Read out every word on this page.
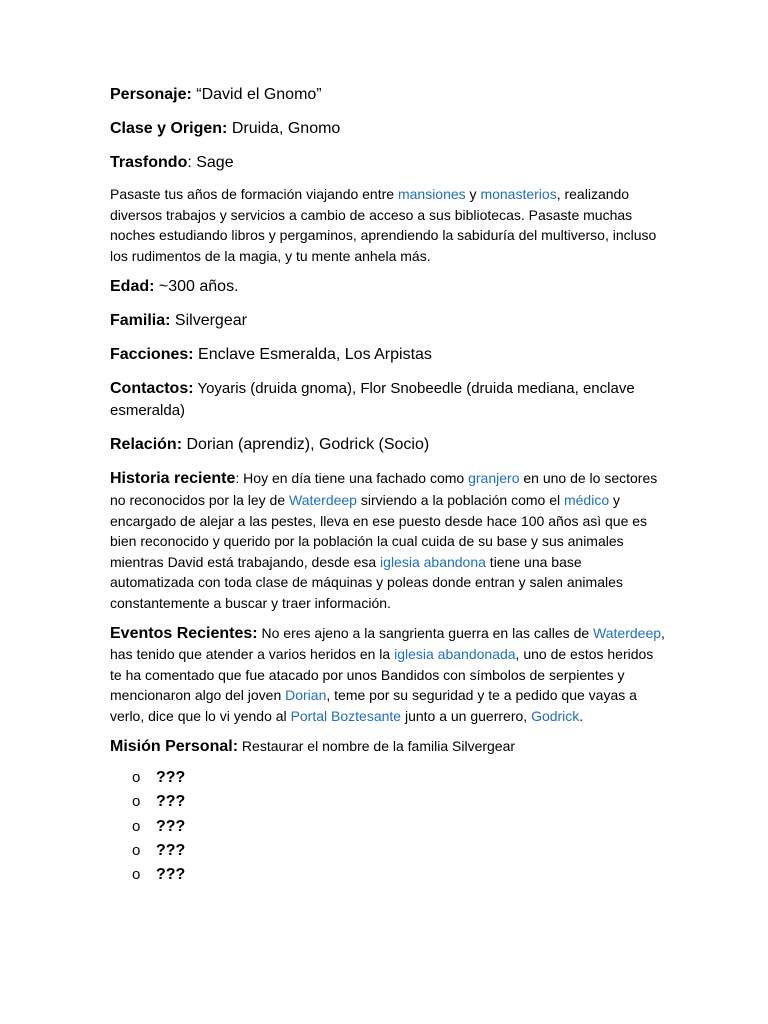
Personaje: “David el Gnomo”

Clase y Origen: Druida, Gnomo

Trasfondo: Sage

Pasaste tus años de formación viajando entre mansiones y monasterios, realizando diversos trabajos y servicios a cambio de acceso a sus bibliotecas. Pasaste muchas noches estudiando libros y pergaminos, aprendiendo la sabiduría del multiverso, incluso los rudimentos de la magia, y tu mente anhela más.

Edad: ~300 años.

Familia: Silvergear

Facciones: Enclave Esmeralda, Los Arpistas

Contactos: Yoyaris (druida gnoma), Flor Snobeedle (druida mediana, enclave esmeralda)

Relación: Dorian (aprendiz), Godrick (Socio)

Historia reciente: Hoy en día tiene una fachado como granjero en uno de lo sectores no reconocidos por la ley de Waterdeep sirviendo a la población como el médico y encargado de alejar a las pestes, lleva en ese puesto desde hace 100 años asì que es bien reconocido y querido por la población la cual cuida de su base y sus animales mientras David está trabajando, desde esa iglesia abandona tiene una base automatizada con toda clase de máquinas y poleas donde entran y salen animales constantemente a buscar y traer información.

Eventos Recientes: No eres ajeno a la sangrienta guerra en las calles de Waterdeep, has tenido que atender a varios heridos en la iglesia abandonada, uno de estos heridos te ha comentado que fue atacado por unos Bandidos con símbolos de serpientes y mencionaron algo del joven Dorian, teme por su seguridad y te a pedido que vayas a verlo, dice que lo vi yendo al Portal Boztesante junto a un guerrero, Godrick.

Misión Personal: Restaurar el nombre de la familia Silvergear

o ???
o ???
o ???
o ???
o ???
